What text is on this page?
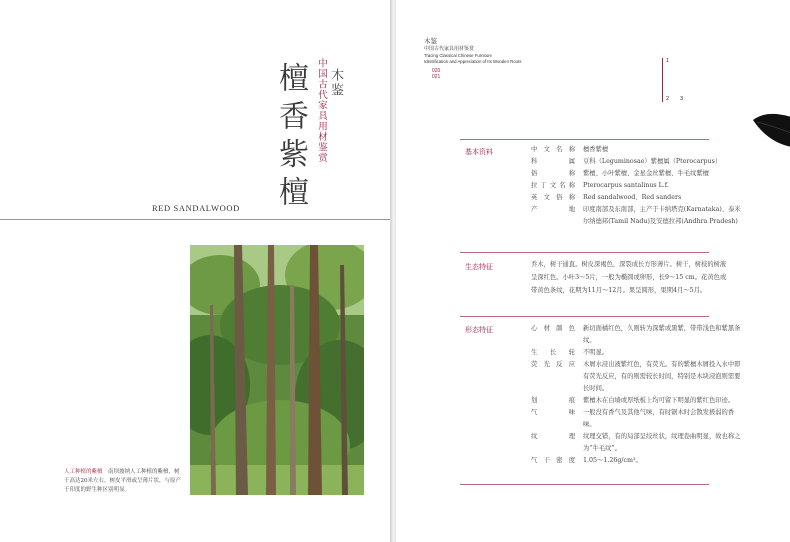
檀香紫檀	木鉴
中国古代家具用材鉴赏
RED SANDALWOOD
人工种植的紫檀　南坝坡纳人工种植的紫檀，树干高达20米左右，树皮平滑或呈薄片状，与原产于印度的野生种区别明显。
木鉴
中国古代家具用材鉴赏
Tracing Classical Chinese Furniture
Identification and Appreciation of Its Wooden Roots
020
021
1
2 3
基本资料	中文名称	檀香紫檀
科　　属	豆科（Leguminosae）紫檀属（Pterocarpus）
俗　　称	紫檀、小叶紫檀、金星金丝紫檀、牛毛纹紫檀
拉丁文名称	Pterocarpus santalinus L.f.
英文俗称	Red sandalwood、Red sanders
产　　地	印度南部及东南部，主产于卡纳塔克(Karnataka)、泰米尔纳德邦(Tamil Nadu)及安德拉邦(Andhra Pradesh)
生态特征	乔木，树干通直。树皮深褐色，深裂成长方形薄片。树干，树枝的树液呈深红色。小叶3～5片，一般为椭圆或卵形，长9～15 cm。花黄色或带黄色条纹，花期为11月～12月。果呈圆形，果期4月～5月。
形态特征	心材颜色	新切面橘红色，久则转为深紫或黑紫，带带浅色和紫黑条纹。
生长轮	不明显。
荧光反应	木屑水浸出液紫红色，有荧光。有的紫檀木屑投入水中即有荧光反应，有的则需较长时间，特别是木块浸泡则需要长时间。
划　　痕	紫檀木在白墙或厚纸板上均可留下明显的紫红色印迹。
气　　味	一般没有香气及其他气味，有时锯木时会散发极弱的香味。
纹　　理	纹理交错，有的局部呈绞丝状，纹理卷曲明显，故也称之为“牛毛纹”。
气干密度	1.05～1.26g/cm³。
